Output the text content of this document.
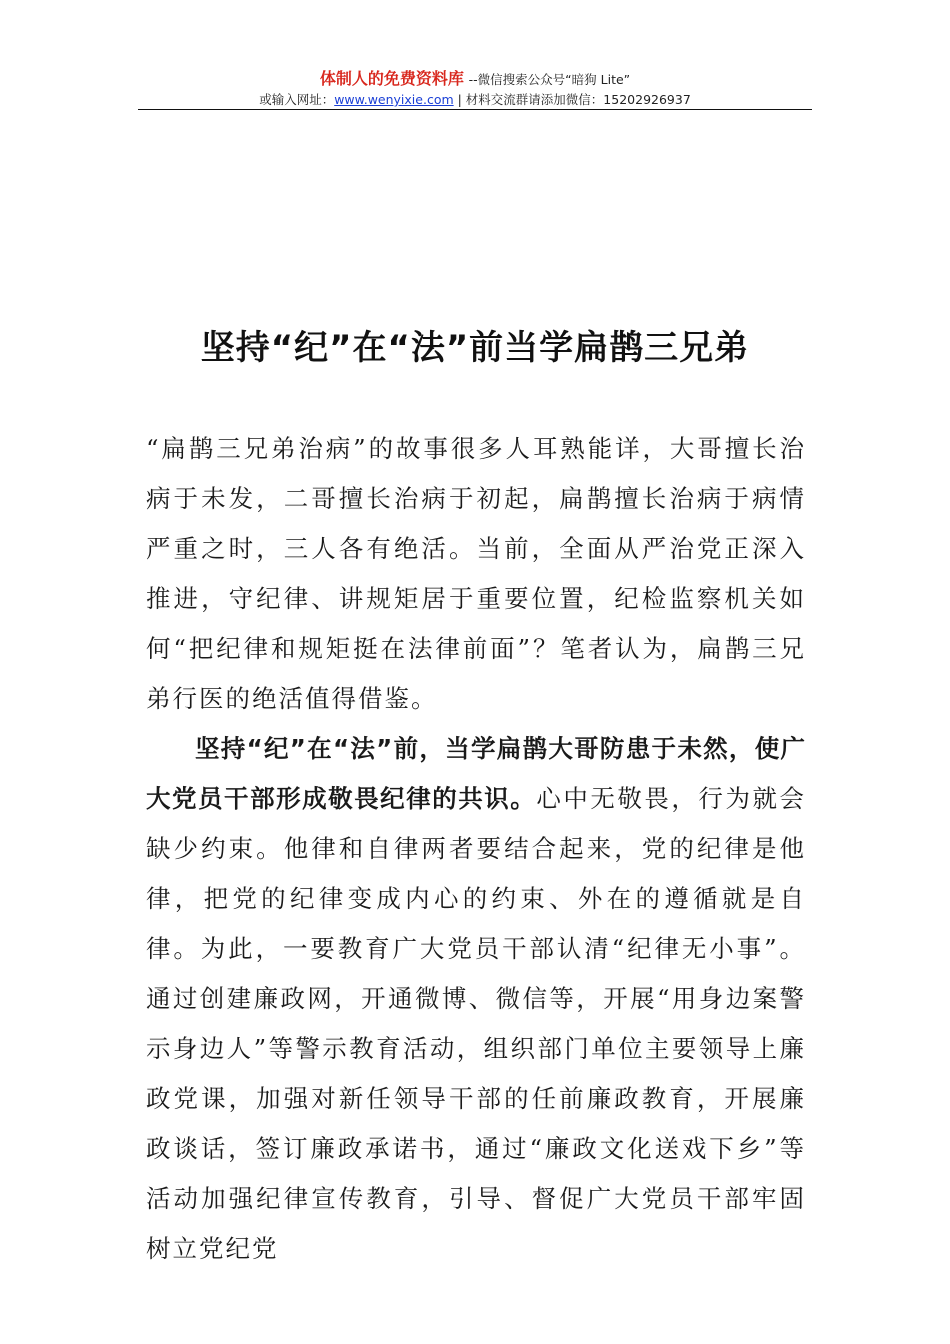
体制人的免费资料库 --微信搜索公众号“暗狗 Lite”
或输入网址：www.wenyixie.com | 材料交流群请添加微信：15202926937
坚持“纪”在“法”前当学扁鹊三兄弟

“扁鹊三兄弟治病”的故事很多人耳熟能详，大哥擅长治病于未发，二哥擅长治病于初起，扁鹊擅长治病于病情严重之时，三人各有绝活。当前，全面从严治党正深入推进，守纪律、讲规矩居于重要位置，纪检监察机关如何“把纪律和规矩挺在法律前面”？笔者认为，扁鹊三兄弟行医的绝活值得借鉴。

坚持“纪”在“法”前，当学扁鹊大哥防患于未然，使广大党员干部形成敬畏纪律的共识。心中无敬畏，行为就会缺少约束。他律和自律两者要结合起来，党的纪律是他律，把党的纪律变成内心的约束、外在的遵循就是自律。为此，一要教育广大党员干部认清“纪律无小事”。通过创建廉政网，开通微博、微信等，开展“用身边案警示身边人”等警示教育活动，组织部门单位主要领导上廉政党课，加强对新任领导干部的任前廉政教育，开展廉政谈话，签订廉政承诺书，通过“廉政文化送戏下乡”等活动加强纪律宣传教育，引导、督促广大党员干部牢固树立党纪党
